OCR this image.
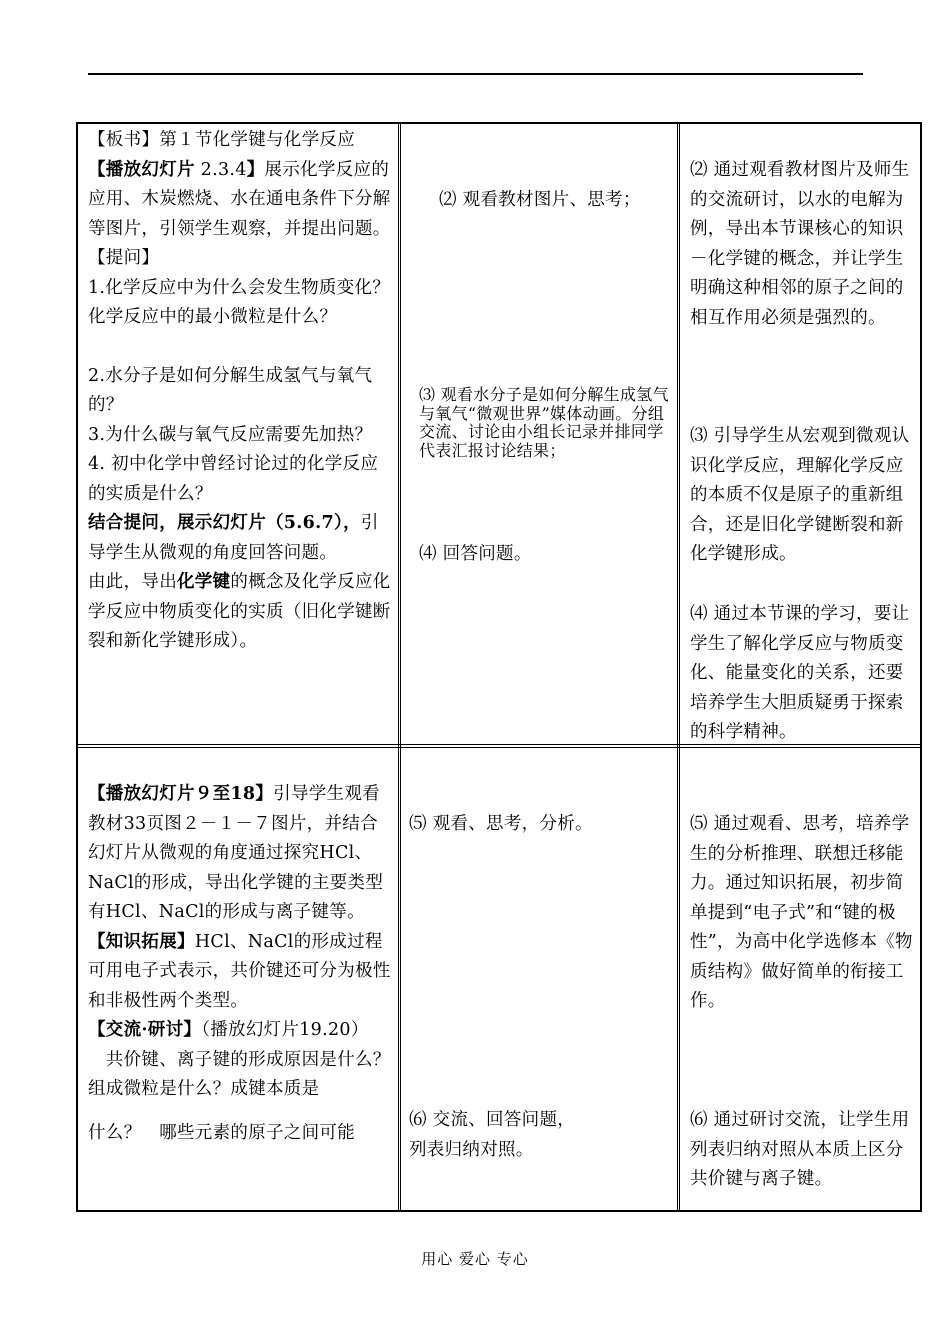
【板书】第１节化学键与化学反应

【播放幻灯片 2.3.4】展示化学反应的应用、木炭燃烧、水在通电条件下分解等图片，引领学生观察，并提出问题。

【提问】

1.化学反应中为什么会发生物质变化？化学反应中的最小微粒是什么？

2.水分子是如何分解生成氢气与氧气的？

3.为什么碳与氧气反应需要先加热？

4. 初中化学中曾经讨论过的化学反应的实质是什么？

结合提问，展示幻灯片（5.6.7），引导学生从微观的角度回答问题。

由此，导出化学键的概念及化学反应化学反应中物质变化的实质（旧化学键断裂和新化学键形成）。

⑵ 观看教材图片、思考；
⑶ 观看水分子是如何分解生成氢气与氧气“微观世界”媒体动画。分组交流、讨论由小组长记录并排同学代表汇报讨论结果；
⑷ 回答问题。
⑵ 通过观看教材图片及师生的交流研讨，以水的电解为例，导出本节课核心的知识－化学键的概念，并让学生明确这种相邻的原子之间的相互作用必须是强烈的。
⑶ 引导学生从宏观到微观认识化学反应，理解化学反应的本质不仅是原子的重新组合，还是旧化学键断裂和新化学键形成。
⑷ 通过本节课的学习，要让学生了解化学反应与物质变化、能量变化的关系，还要培养学生大胆质疑勇于探索的科学精神。

【播放幻灯片９至18】引导学生观看教材33页图２－１－７图片，并结合幻灯片从微观的角度通过探究HCl、NaCl的形成，导出化学键的主要类型有HCl、NaCl的形成与离子键等。

【知识拓展】HCl、NaCl的形成过程可用电子式表示，共价键还可分为极性和非极性两个类型。

【交流·研讨】（播放幻灯片19.20）

　共价键、离子键的形成原因是什么？组成微粒是什么？成键本质是

什么？　哪些元素的原子之间可能

⑸ 观看、思考，分析。

⑹ 交流、回答问题，

列表归纳对照。

⑸ 通过观看、思考，培养学生的分析推理、联想迁移能力。通过知识拓展，初步简单提到“电子式”和“键的极性”，为高中化学选修本《物质结构》做好简单的衔接工作。
⑹ 通过研讨交流，让学生用列表归纳对照从本质上区分共价键与离子键。
用心 爱心 专心
